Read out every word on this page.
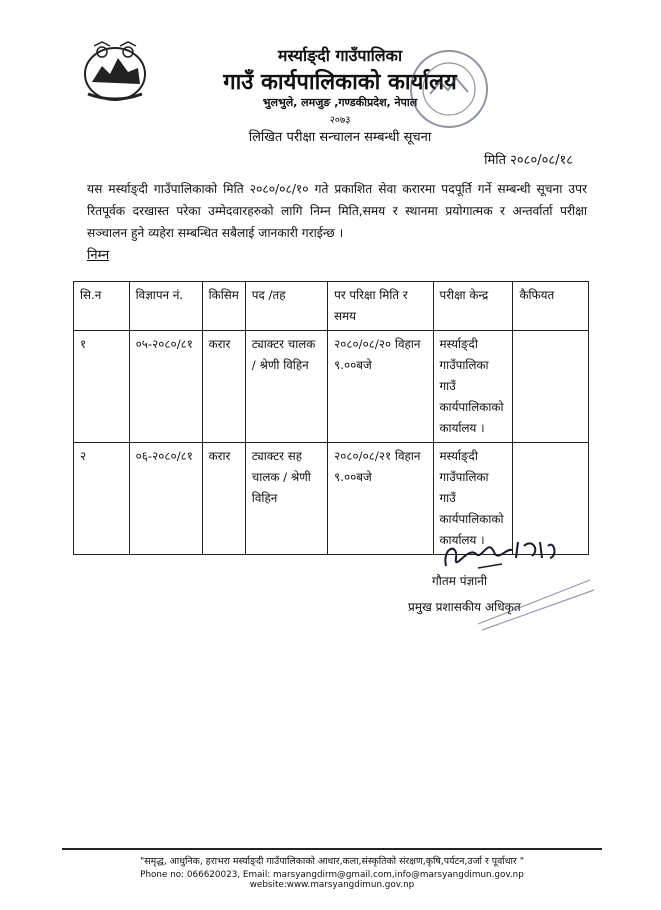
मर्स्याङ्दी गाउँपालिका
गाउँ कार्यपालिकाको कार्यालय
भुलभुले, लमजुङ ,गण्डकीप्रदेश, नेपाल
२०७३
लिखित परीक्षा सन्चालन सम्बन्धी सूचना
मिति २०८०/०८/१८
यस मर्स्याङ्दी गाउँपालिकाको मिति २०८०/०८/१० गते प्रकाशित सेवा करारमा पदपूर्ति गर्ने सम्बन्धी सूचना उपर रितपूर्वक दरखास्त परेका उम्मेदवारहरुको लागि निम्न मिति,समय र स्थानमा प्रयोगात्मक र अन्तर्वार्ता परीक्षा सञ्चालन हुने व्यहेरा सम्बन्धित सबैलाई जानकारी गराईन्छ ।
निम्न
सि.न	विज्ञापन नं.	किसिम	पद /तह	पर परिक्षा मिति र समय	परीक्षा केन्द्र	कैफियत
१	०५-२०८०/८१	करार	ट्याक्टर चालक / श्रेणी विहिन	२०८०/०८/२० विहान ९.००बजे	मर्स्याङ्दी गाउँपालिका गाउँ कार्यपालिकाको कार्यालय ।	
२	०६-२०८०/८१	करार	ट्याक्टर सह चालक / श्रेणी विहिन	२०८०/०८/२१ विहान ९.००बजे	मर्स्याङ्दी गाउँपालिका गाउँ कार्यपालिकाको कार्यालय ।	
गौतम पंज्ञानी
प्रमुख प्रशासकीय अधिकृत
"समृद्ध, आधुनिक, हराभरा मर्स्याङ्दी गाउँपालिकाको आधार,कला,संस्कृतिको संरक्षण,कृषि,पर्यटन,उर्जा र पूर्वाधार "
Phone no: 066620023, Email: marsyangdirm@gmail.com,info@marsyangdimun.gov.np website:www.marsyangdimun.gov.np
